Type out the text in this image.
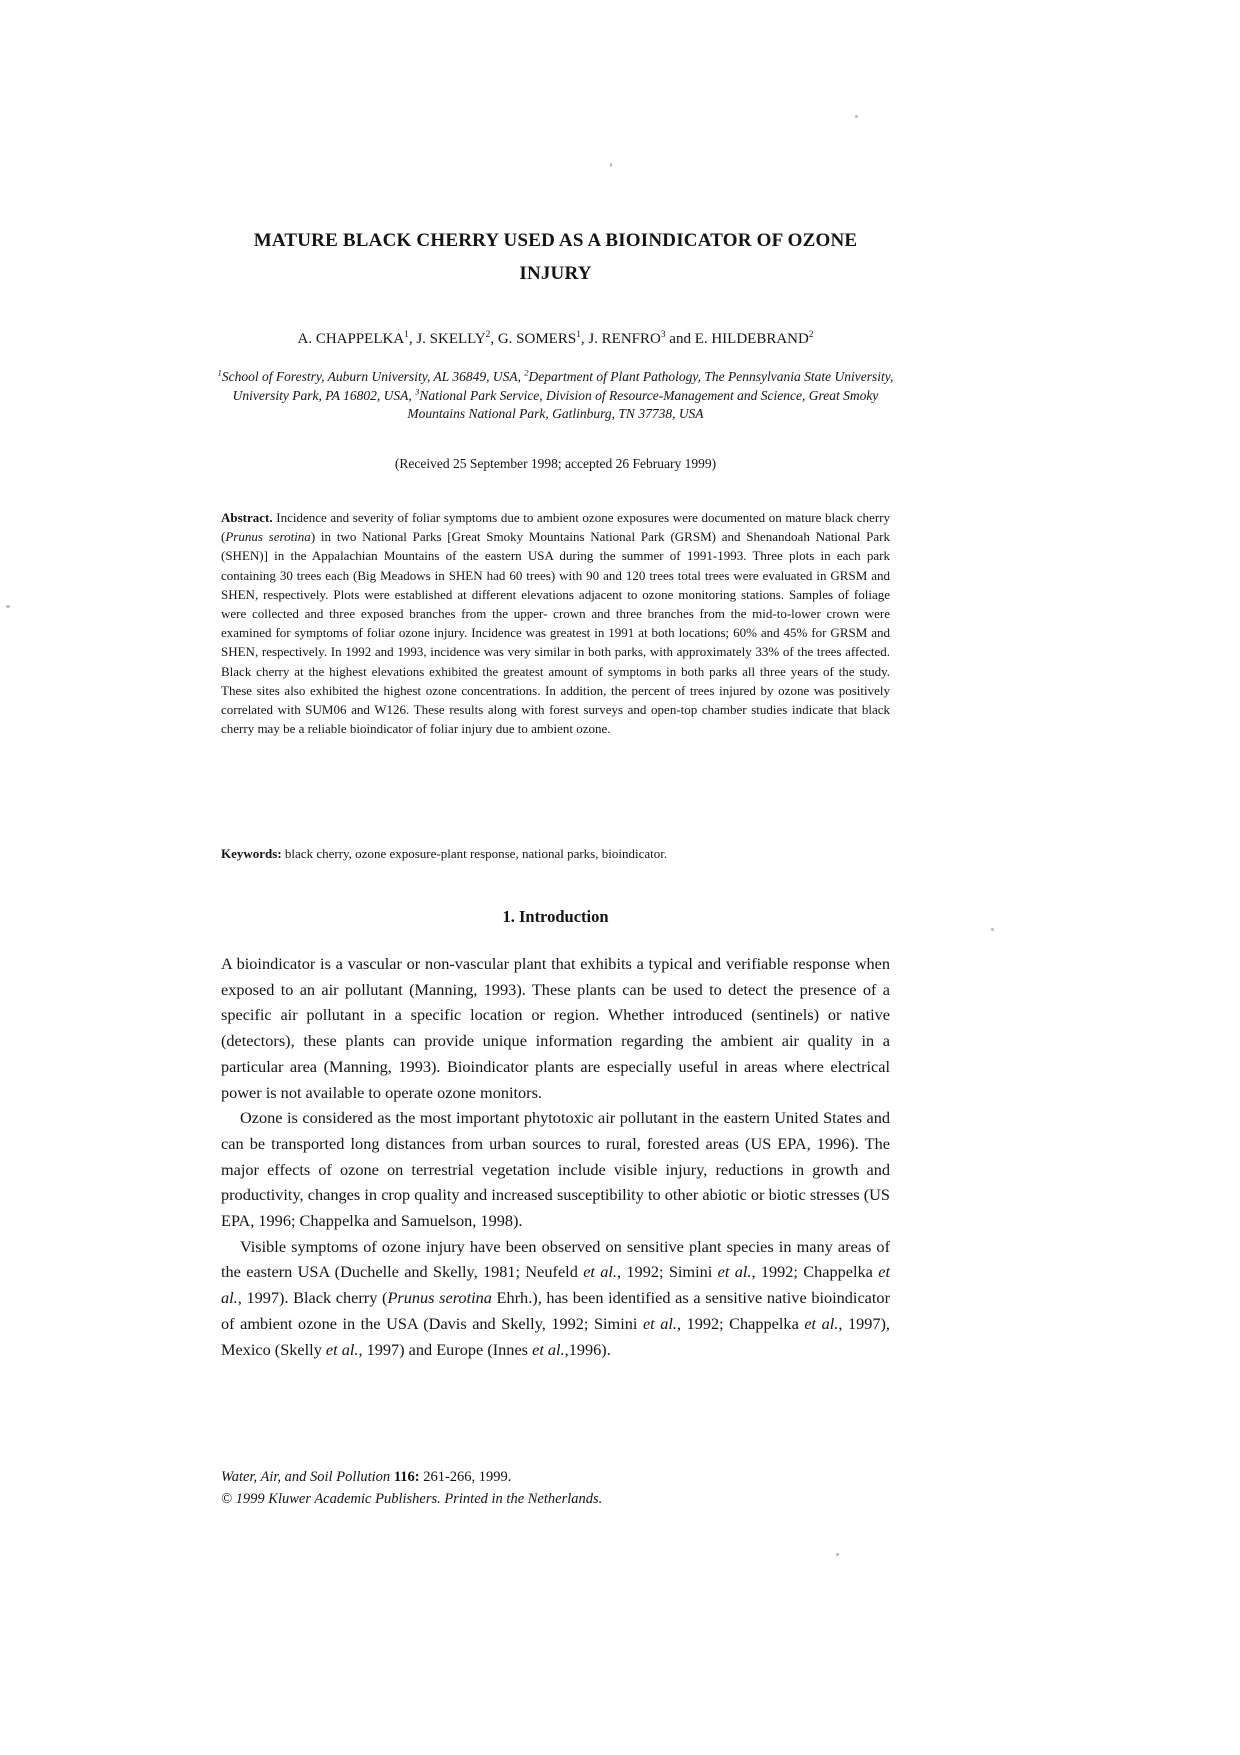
MATURE BLACK CHERRY USED AS A BIOINDICATOR OF OZONE
INJURY
A. CHAPPELKA$^1$, J. SKELLY$^2$, G. SOMERS$^1$, J. RENFRO$^3$ and E. HILDEBRAND$^2$
$^1$School of Forestry, Auburn University, AL 36849, USA, $^2$Department of Plant Pathology, The Pennsylvania State University, University Park, PA 16802, USA, $^3$National Park Service, Division of Resource-Management and Science, Great Smoky Mountains National Park, Gatlinburg, TN 37738, USA
(Received 25 September 1998; accepted 26 February 1999)
Abstract. Incidence and severity of foliar symptoms due to ambient ozone exposures were documented on mature black cherry (Prunus serotina) in two National Parks [Great Smoky Mountains National Park (GRSM) and Shenandoah National Park (SHEN)] in the Appalachian Mountains of the eastern USA during the summer of 1991-1993. Three plots in each park containing 30 trees each (Big Meadows in SHEN had 60 trees) with 90 and 120 trees total trees were evaluated in GRSM and SHEN, respectively. Plots were established at different elevations adjacent to ozone monitoring stations. Samples of foliage were collected and three exposed branches from the upper- crown and three branches from the mid-to-lower crown were examined for symptoms of foliar ozone injury. Incidence was greatest in 1991 at both locations; 60% and 45% for GRSM and SHEN, respectively. In 1992 and 1993, incidence was very similar in both parks, with approximately 33% of the trees affected. Black cherry at the highest elevations exhibited the greatest amount of symptoms in both parks all three years of the study. These sites also exhibited the highest ozone concentrations. In addition, the percent of trees injured by ozone was positively correlated with SUM06 and W126. These results along with forest surveys and open-top chamber studies indicate that black cherry may be a reliable bioindicator of foliar injury due to ambient ozone.
Keywords: black cherry, ozone exposure-plant response, national parks, bioindicator.
1. Introduction

A bioindicator is a vascular or non-vascular plant that exhibits a typical and verifiable response when exposed to an air pollutant (Manning, 1993). These plants can be used to detect the presence of a specific air pollutant in a specific location or region. Whether introduced (sentinels) or native (detectors), these plants can provide unique information regarding the ambient air quality in a particular area (Manning, 1993). Bioindicator plants are especially useful in areas where electrical power is not available to operate ozone monitors.

Ozone is considered as the most important phytotoxic air pollutant in the eastern United States and can be transported long distances from urban sources to rural, forested areas (US EPA, 1996). The major effects of ozone on terrestrial vegetation include visible injury, reductions in growth and productivity, changes in crop quality and increased susceptibility to other abiotic or biotic stresses (US EPA, 1996; Chappelka and Samuelson, 1998).

Visible symptoms of ozone injury have been observed on sensitive plant species in many areas of the eastern USA (Duchelle and Skelly, 1981; Neufeld et al., 1992; Simini et al., 1992; Chappelka et al., 1997). Black cherry (Prunus serotina Ehrh.), has been identified as a sensitive native bioindicator of ambient ozone in the USA (Davis and Skelly, 1992; Simini et al., 1992; Chappelka et al., 1997), Mexico (Skelly et al., 1997) and Europe (Innes et al.,1996).

Water, Air, and Soil Pollution 116: 261-266, 1999.
© 1999 Kluwer Academic Publishers. Printed in the Netherlands.
